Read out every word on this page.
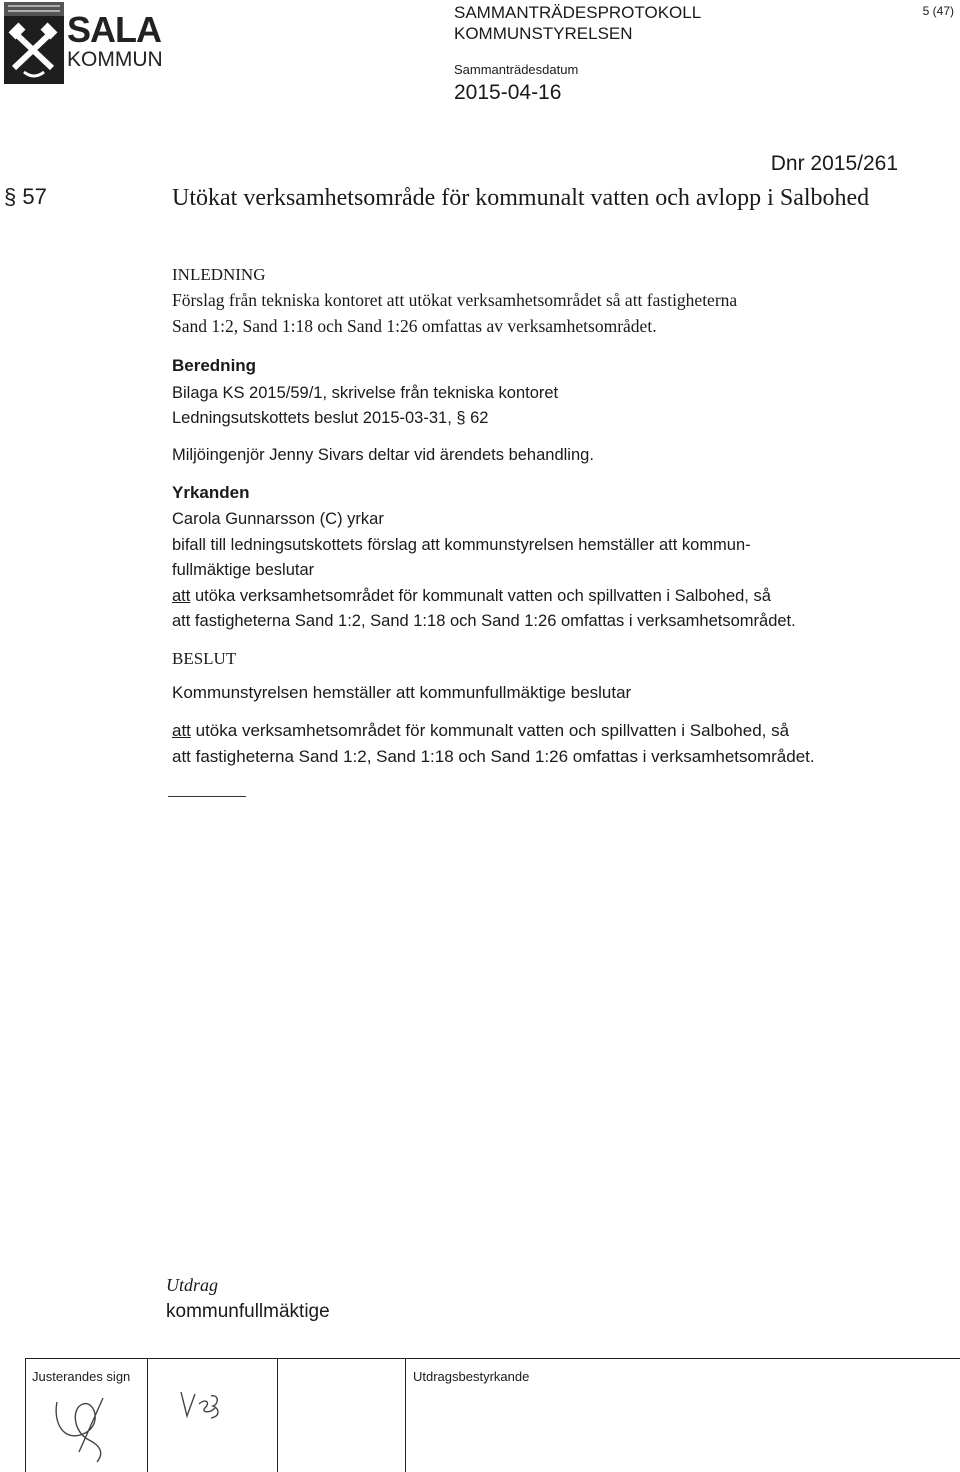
SALA
KOMMUN
SAMMANTRÄDESPROTOKOLL
KOMMUNSTYRELSEN
Sammanträdesdatum
2015-04-16
5 (47)
Dnr 2015/261
§ 57	Utökat verksamhetsområde för kommunalt vatten och avlopp i Salbohed
INLEDNING
Förslag från tekniska kontoret att utökat verksamhetsområdet så att fastigheterna
Sand 1:2, Sand 1:18 och Sand 1:26 omfattas av verksamhetsområdet.
Beredning
Bilaga KS 2015/59/1, skrivelse från tekniska kontoret
Ledningsutskottets beslut 2015-03-31, § 62
Miljöingenjör Jenny Sivars deltar vid ärendets behandling.
Yrkanden
Carola Gunnarsson (C) yrkar
bifall till ledningsutskottets förslag att kommunstyrelsen hemställer att kommun-
fullmäktige beslutar
att utöka verksamhetsområdet för kommunalt vatten och spillvatten i Salbohed, så
att fastigheterna Sand 1:2, Sand 1:18 och Sand 1:26 omfattas i verksamhetsområdet.
BESLUT
Kommunstyrelsen hemställer att kommunfullmäktige beslutar
att utöka verksamhetsområdet för kommunalt vatten och spillvatten i Salbohed, så
att fastigheterna Sand 1:2, Sand 1:18 och Sand 1:26 omfattas i verksamhetsområdet.
Utdrag
kommunfullmäktige
Justerandes sign	Utdragsbestyrkande
